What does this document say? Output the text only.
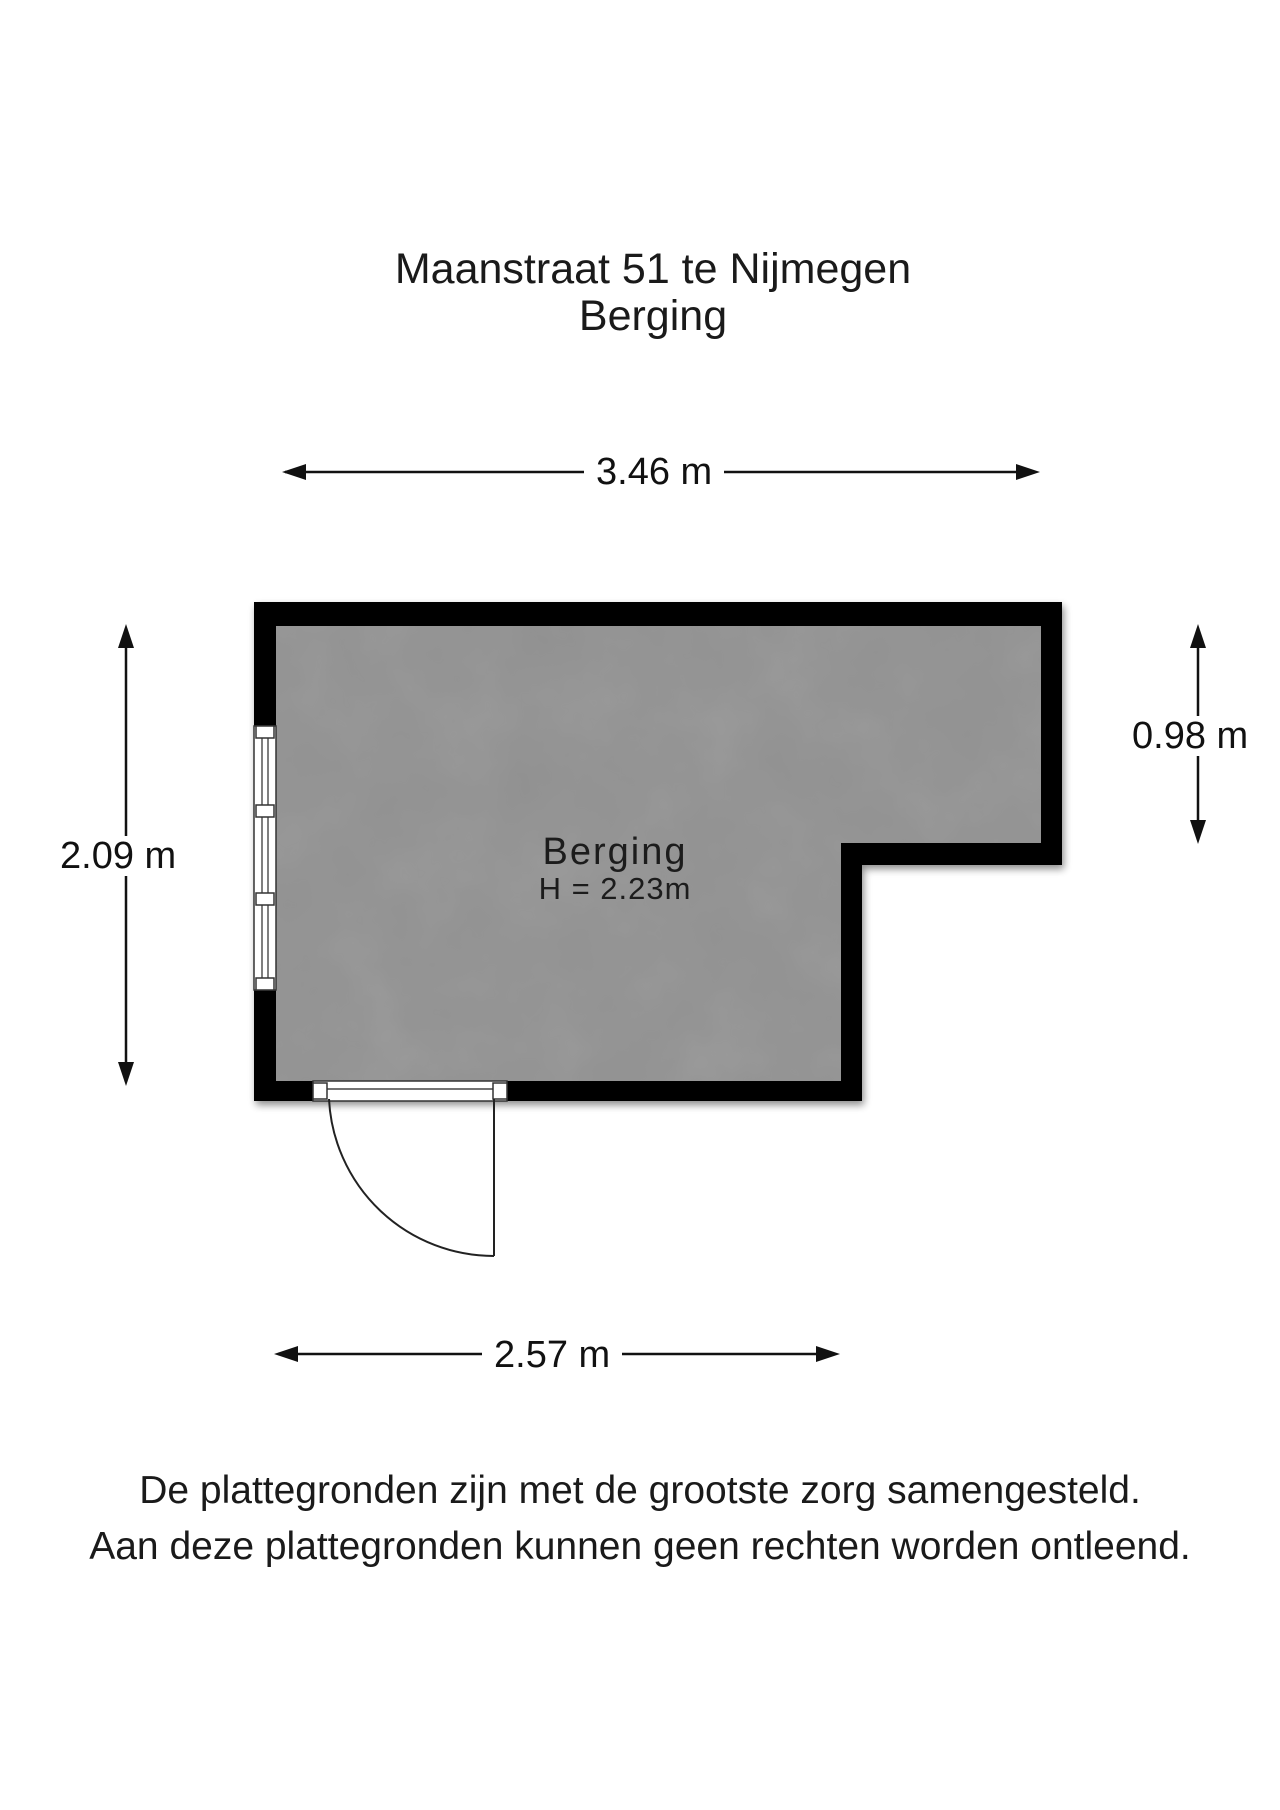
Maanstraat 51 te Nijmegen
Berging
3.46 m
2.09 m
0.98 m
2.57 m
Berging
H = 2.23m
De plattegronden zijn met de grootste zorg samengesteld.
Aan deze plattegronden kunnen geen rechten worden ontleend.
